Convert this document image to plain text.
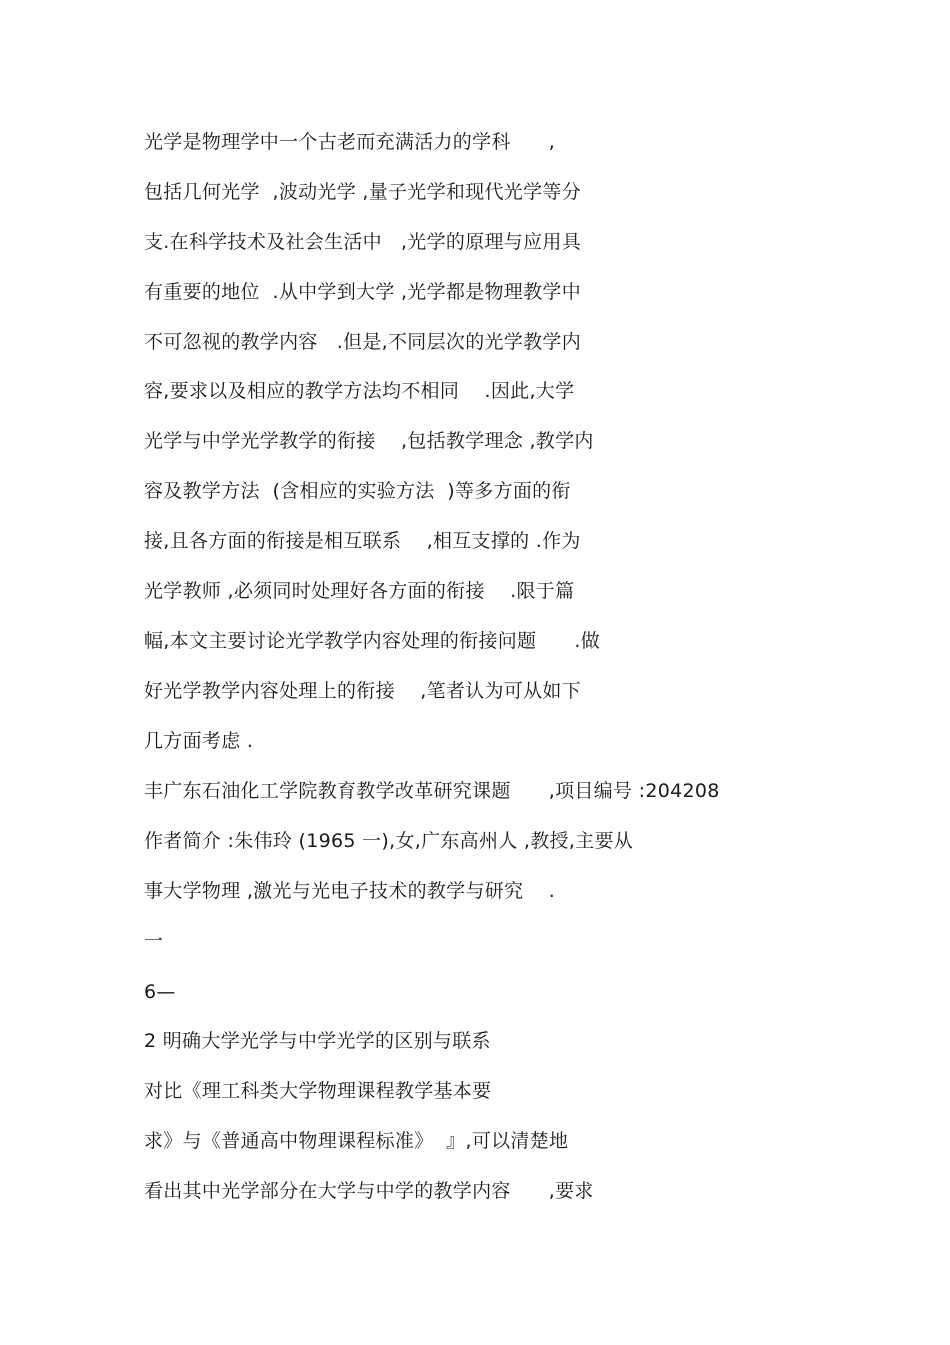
光学是物理学中一个古老而充满活力的学科      ,
包括几何光学  ,波动光学 ,量子光学和现代光学等分
支.在科学技术及社会生活中   ,光学的原理与应用具
有重要的地位  .从中学到大学 ,光学都是物理教学中
不可忽视的教学内容   .但是,不同层次的光学教学内
容,要求以及相应的教学方法均不相同    .因此,大学
光学与中学光学教学的衔接    ,包括教学理念 ,教学内
容及教学方法  (含相应的实验方法  )等多方面的衔
接,且各方面的衔接是相互联系    ,相互支撑的 .作为
光学教师 ,必须同时处理好各方面的衔接    .限于篇
幅,本文主要讨论光学教学内容处理的衔接问题      .做
好光学教学内容处理上的衔接    ,笔者认为可从如下
几方面考虑 .
丰广东石油化工学院教育教学改革研究课题      ,项目编号 :204208
作者简介 :朱伟玲 (1965 一),女,广东高州人 ,教授,主要从
事大学物理 ,激光与光电子技术的教学与研究    .
一
6—
2 明确大学光学与中学光学的区别与联系
对比《理工科类大学物理课程教学基本要
求》与《普通高中物理课程标准》  』,可以清楚地
看出其中光学部分在大学与中学的教学内容      ,要求
